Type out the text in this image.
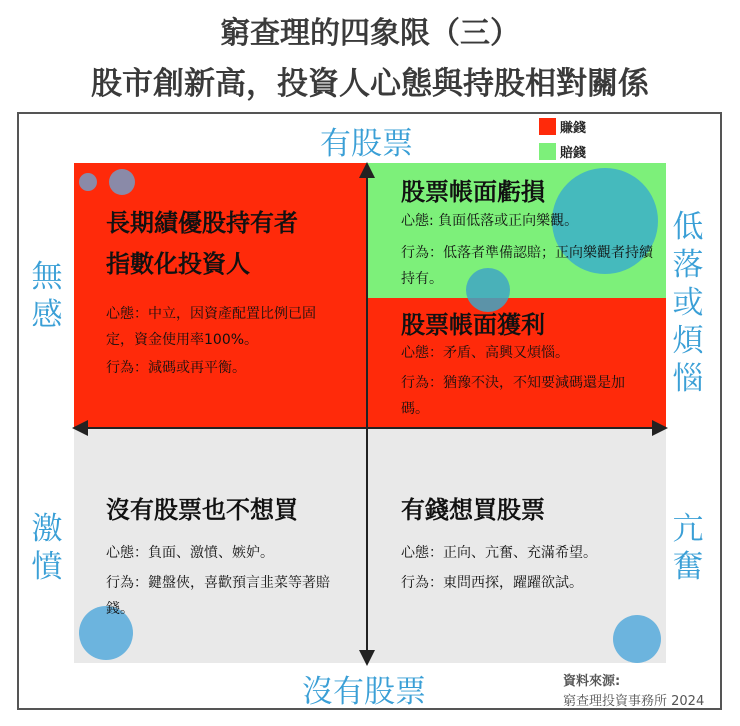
窮查理的四象限（三）
股市創新高，投資人心態與持股相對關係
有股票
沒有股票
無感
激憤
低落或煩惱
亢奮
賺錢
賠錢
長期績優股持有者
指數化投資人
心態：中立，因資產配置比例已固定，資金使用率100%。
行為：減碼或再平衡。
股票帳面虧損
心態: 負面低落或正向樂觀。
行為：低落者準備認賠；正向樂觀者持續持有。
股票帳面獲利
心態：矛盾、高興又煩惱。
行為：猶豫不決，不知要減碼還是加碼。
沒有股票也不想買
心態：負面、激憤、嫉妒。
行為：鍵盤俠，喜歡預言韭菜等著賠錢。
有錢想買股票
心態：正向、亢奮、充滿希望。
行為：東問西探，躍躍欲試。
資料來源:
窮查理投資事務所 2024
